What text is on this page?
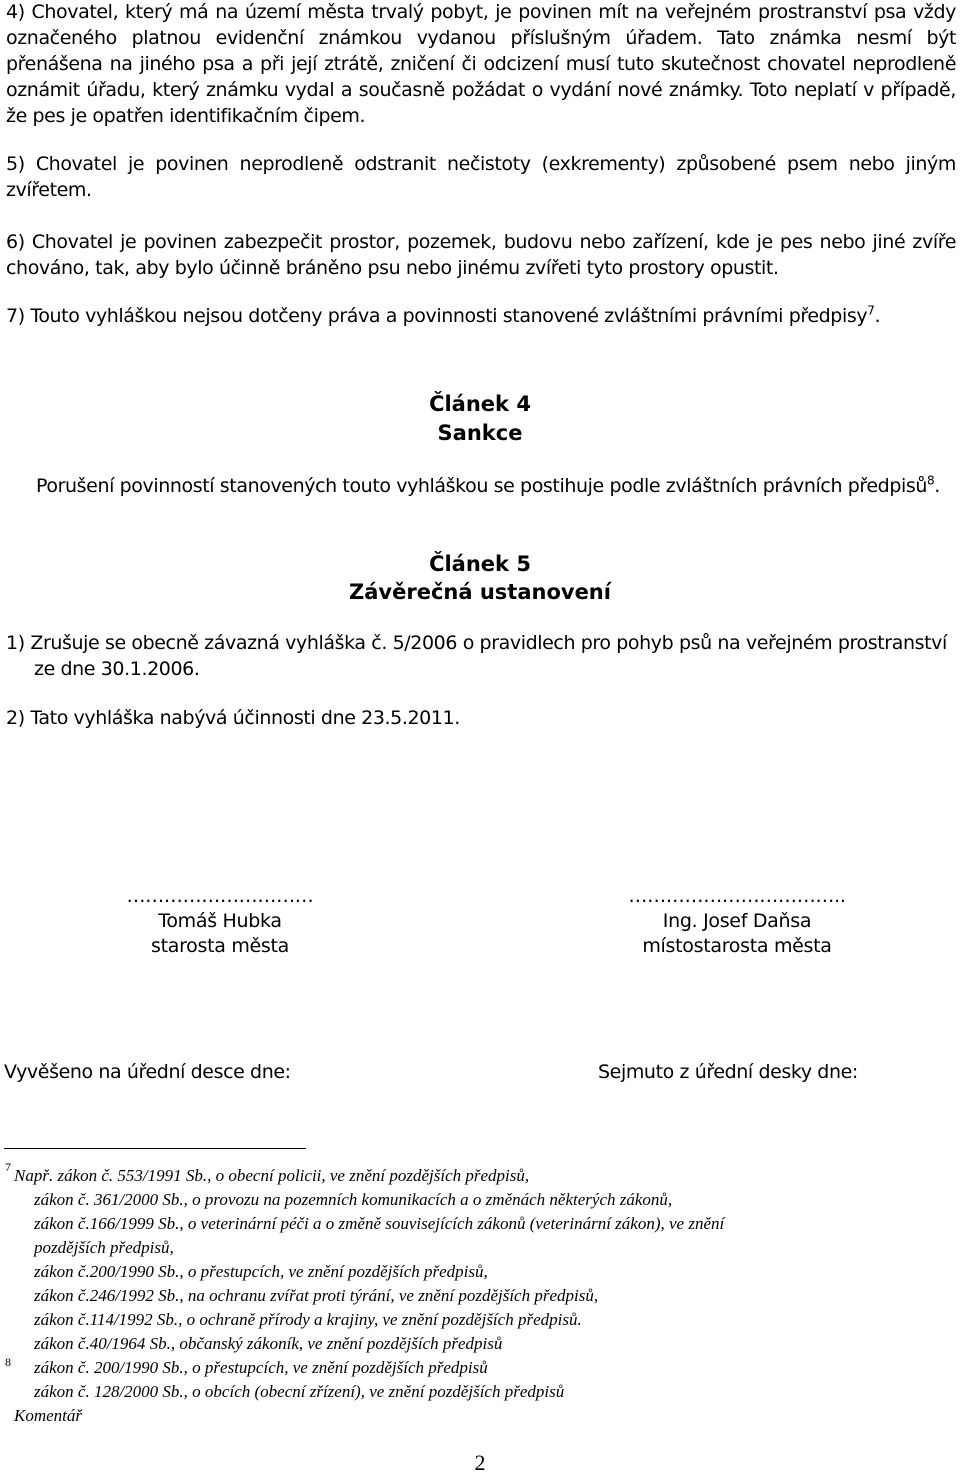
4) Chovatel, který má na území města trvalý pobyt, je povinen mít na veřejném prostranství psa vždy označeného platnou evidenční známkou vydanou příslušným úřadem. Tato známka nesmí být přenášena na jiného psa a při její ztrátě, zničení či odcizení musí tuto skutečnost chovatel neprodleně oznámit úřadu, který známku vydal a současně požádat o vydání nové známky. Toto neplatí v případě, že pes je opatřen identifikačním čipem.

5) Chovatel je povinen neprodleně odstranit nečistoty (exkrementy) způsobené psem nebo jiným zvířetem.

6) Chovatel je povinen zabezpečit prostor, pozemek, budovu nebo zařízení, kde je pes nebo jiné zvíře chováno, tak, aby bylo účinně bráněno psu nebo jinému zvířeti tyto prostory opustit.

7) Touto vyhláškou nejsou dotčeny práva a povinnosti stanovené zvláštními právními předpisy$^7$.

Článek 4

Sankce

Porušení povinností stanovených touto vyhláškou se postihuje podle zvláštních právních předpisů$^8$.

Článek 5

Závěrečná ustanovení

1) Zrušuje se obecně závazná vyhláška č. 5/2006 o pravidlech pro pohyb psů na veřejném prostranství

ze dne 30.1.2006.

2) Tato vyhláška nabývá účinnosti dne 23.5.2011.

…………………………
Tomáš Hubka
starosta města
……………………………..
Ing. Josef Daňsa
místostarosta města

Vyvěšeno na úřední desce dne:	Sejmuto z úřední desky dne:

7
8
Např. zákon č. 553/1991 Sb., o obecní policii, ve znění pozdějších předpisů,
zákon č. 361/2000 Sb., o provozu na pozemních komunikacích a o změnách některých zákonů,
zákon č.166/1999 Sb., o veterinární péči a o změně souvisejících zákonů (veterinární zákon), ve znění
pozdějších předpisů,
zákon č.200/1990 Sb., o přestupcích, ve znění pozdějších předpisů,
zákon č.246/1992 Sb., na ochranu zvířat proti týrání, ve znění pozdějších předpisů,
zákon č.114/1992 Sb., o ochraně přírody a krajiny, ve znění pozdějších předpisů.
zákon č.40/1964 Sb., občanský zákoník, ve znění pozdějších předpisů
zákon č. 200/1990 Sb., o přestupcích, ve znění pozdějších předpisů
zákon č. 128/2000 Sb., o obcích (obecní zřízení), ve znění pozdějších předpisů
Komentář
2
